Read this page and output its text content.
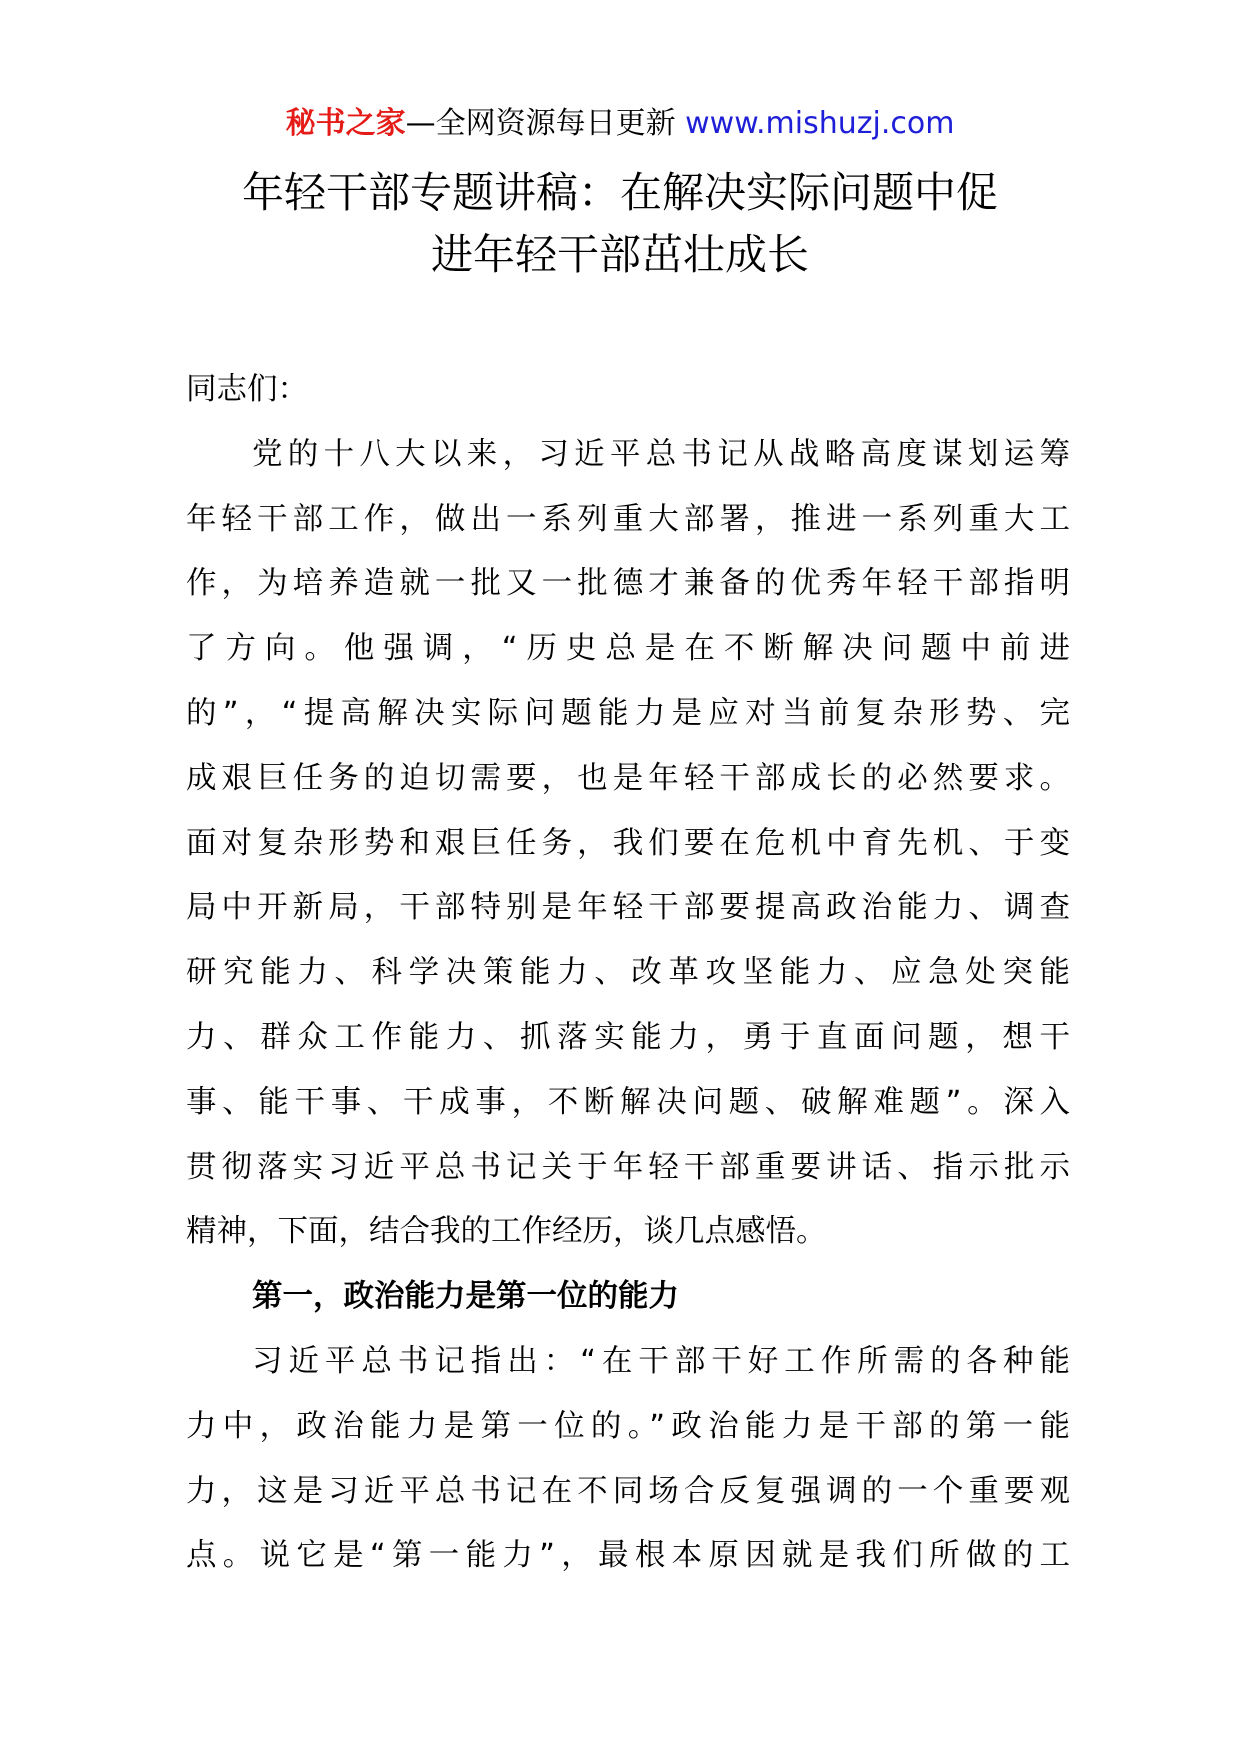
秘书之家—全网资源每日更新 www.mishuzj.com
年轻干部专题讲稿：在解决实际问题中促
进年轻干部茁壮成长
同志们：
党的十八大以来，习近平总书记从战略高度谋划运筹
年轻干部工作，做出一系列重大部署，推进一系列重大工
作，为培养造就一批又一批德才兼备的优秀年轻干部指明
了方向。他强调，“历史总是在不断解决问题中前进
的”，“提高解决实际问题能力是应对当前复杂形势、完
成艰巨任务的迫切需要，也是年轻干部成长的必然要求。
面对复杂形势和艰巨任务，我们要在危机中育先机、于变
局中开新局，干部特别是年轻干部要提高政治能力、调查
研究能力、科学决策能力、改革攻坚能力、应急处突能
力、群众工作能力、抓落实能力，勇于直面问题，想干
事、能干事、干成事，不断解决问题、破解难题”。深入
贯彻落实习近平总书记关于年轻干部重要讲话、指示批示
精神，下面，结合我的工作经历，谈几点感悟。
第一，政治能力是第一位的能力
习近平总书记指出：“在干部干好工作所需的各种能
力中，政治能力是第一位的。”政治能力是干部的第一能
力，这是习近平总书记在不同场合反复强调的一个重要观
点。说它是“第一能力”，最根本原因就是我们所做的工
